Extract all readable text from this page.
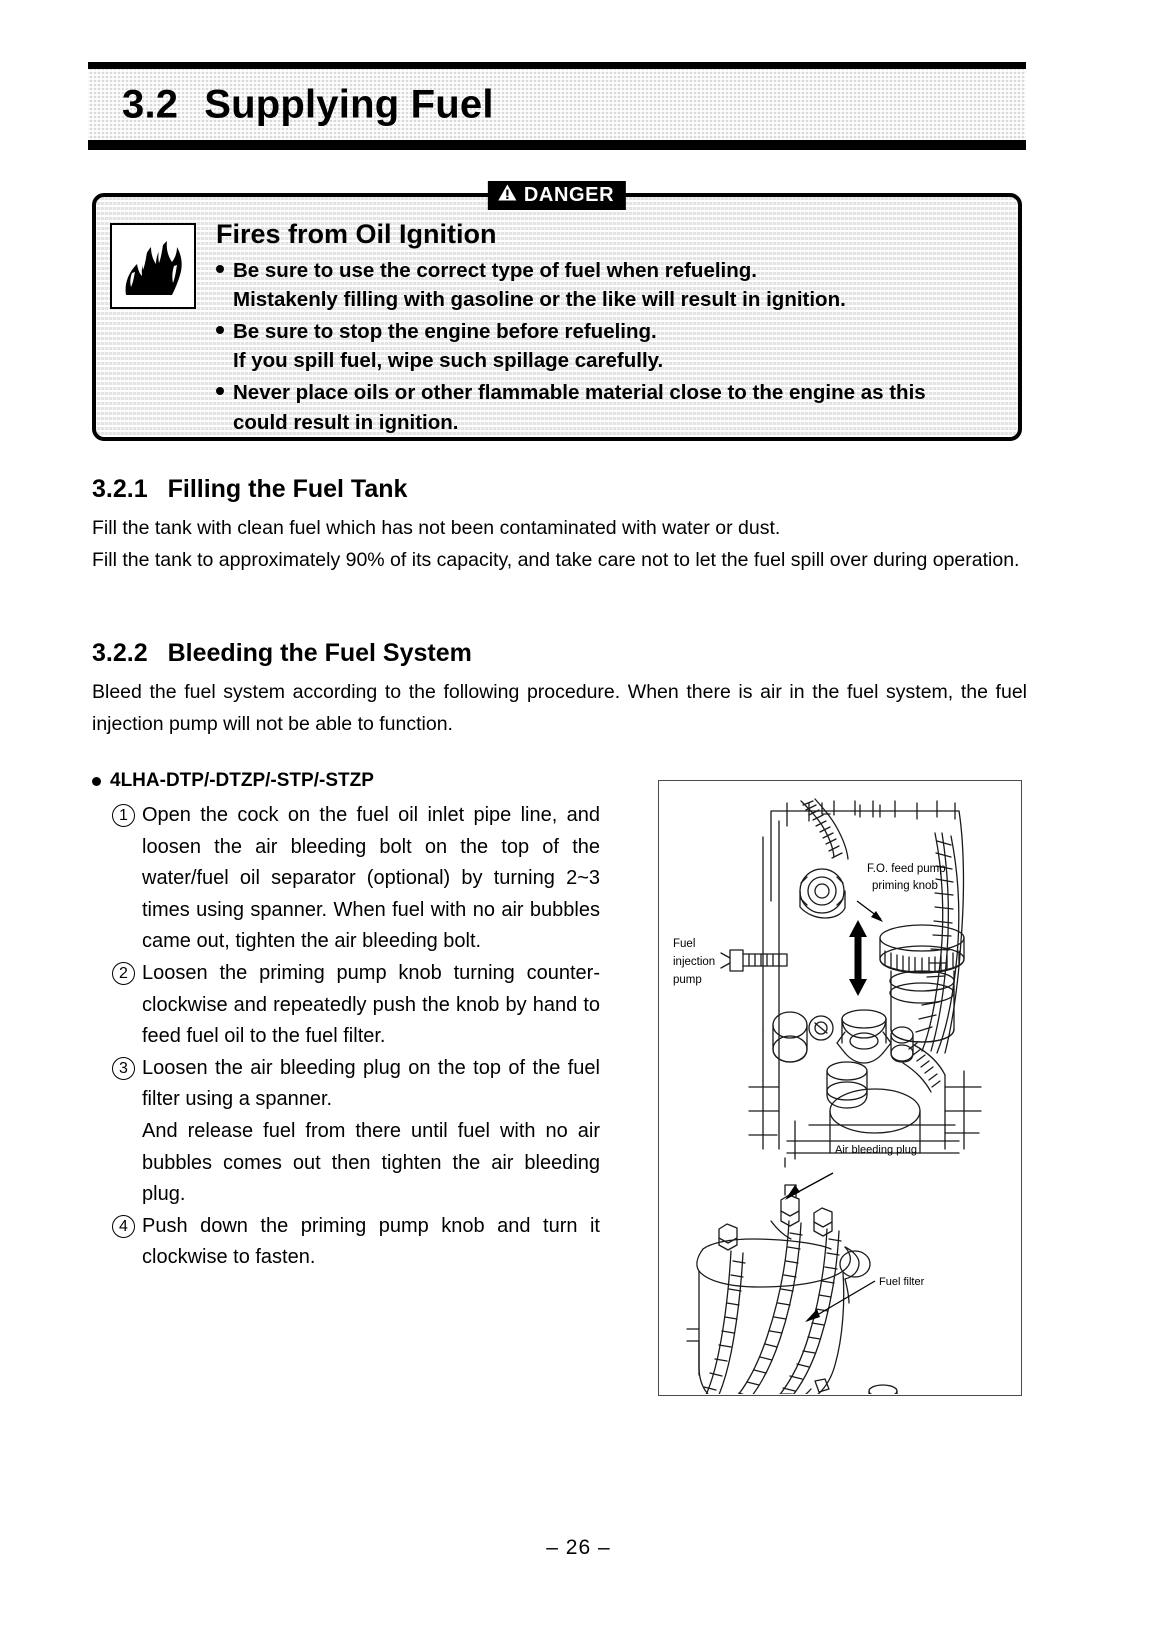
3.2 Supplying Fuel
DANGER
Fires from Oil Ignition
Be sure to use the correct type of fuel when refueling.
Mistakenly filling with gasoline or the like will result in ignition.
Be sure to stop the engine before refueling.
If you spill fuel, wipe such spillage carefully.
Never place oils or other flammable material close to the engine as this
could result in ignition.
3.2.1 Filling the Fuel Tank
Fill the tank with clean fuel which has not been contaminated with water or dust.
Fill the tank to approximately 90% of its capacity, and take care not to let the fuel spill over during operation.
3.2.2 Bleeding the Fuel System
Bleed the fuel system according to the following procedure. When there is air in the fuel system, the fuel injection pump will not be able to function.
4LHA-DTP/-DTZP/-STP/-STZP
1 Open the cock on the fuel oil inlet pipe line, and loosen the air bleeding bolt on the top of the water/fuel oil separator (optional) by turning 2~3 times using spanner. When fuel with no air bubbles came out, tighten the air bleeding bolt.

2 Loosen the priming pump knob turning counter-clockwise and repeatedly push the knob by hand to feed fuel oil to the fuel filter.

3 Loosen the air bleeding plug on the top of the fuel filter using a spanner.

And release fuel from there until fuel with no air bubbles comes out then tighten the air bleeding plug.

4 Push down the priming pump knob and turn it clockwise to fasten.

F.O. feed pump
priming knob
Fuel
injection
pump
Air bleeding plug
Fuel filter
– 26 –
